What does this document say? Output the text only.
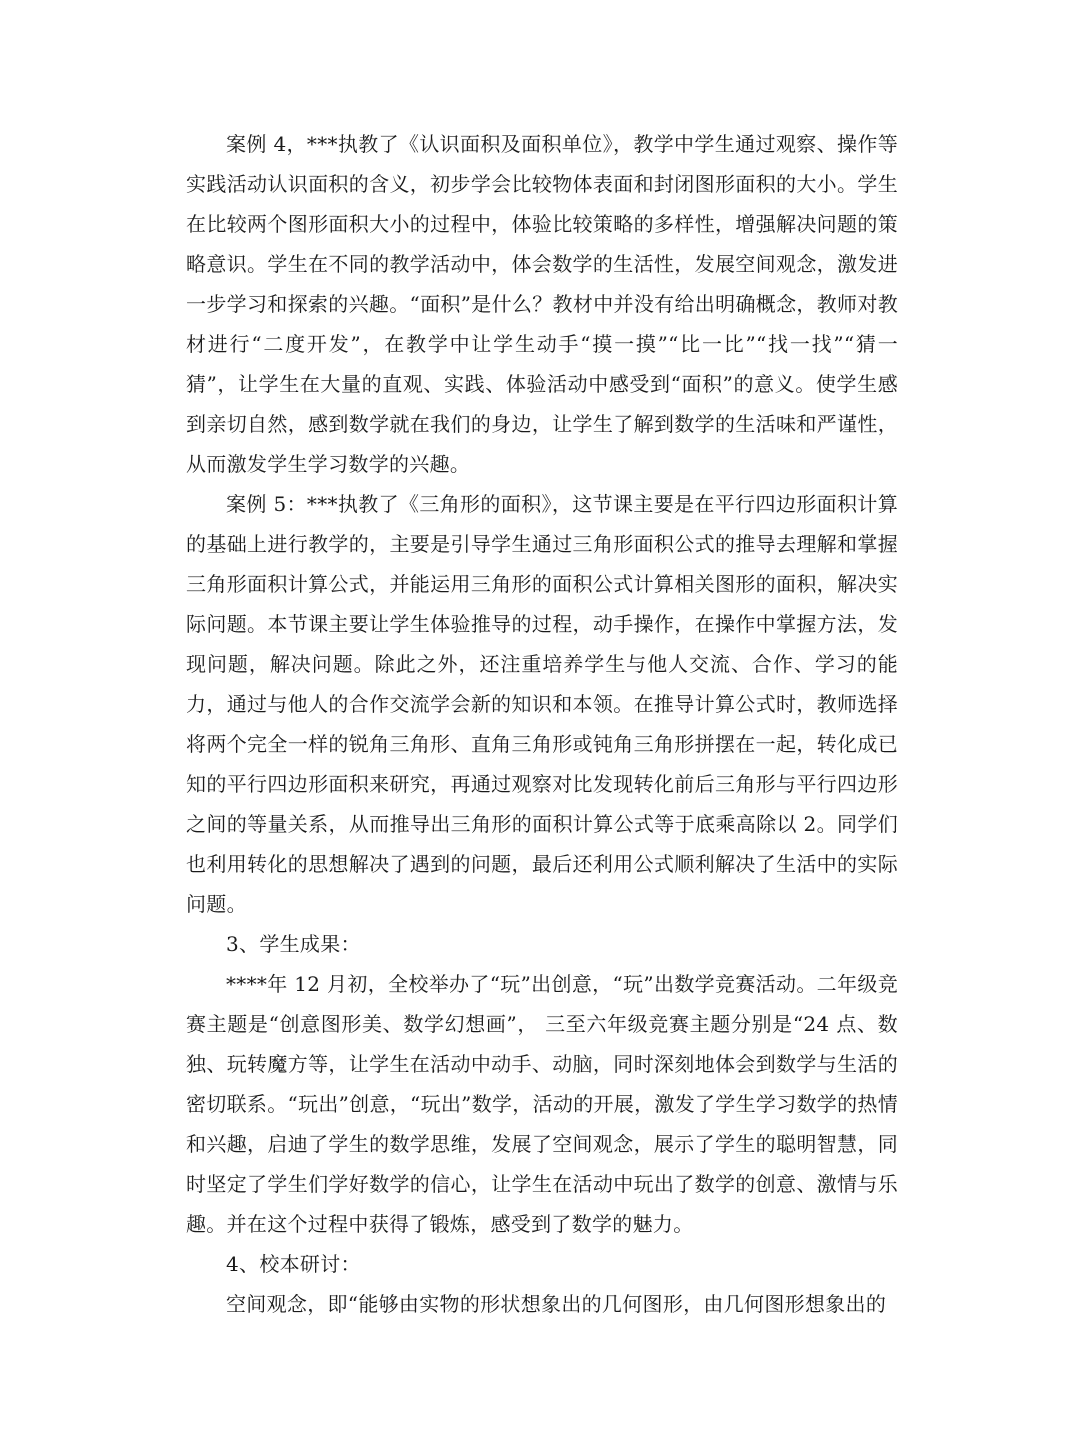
案例 4，***执教了《认识面积及面积单位》，教学中学生通过观察、操作等实践活动认识面积的含义，初步学会比较物体表面和封闭图形面积的大小。学生在比较两个图形面积大小的过程中，体验比较策略的多样性，增强解决问题的策略意识。学生在不同的教学活动中，体会数学的生活性，发展空间观念，激发进一步学习和探索的兴趣。“面积”是什么？教材中并没有给出明确概念，教师对教材进行“二度开发”，在教学中让学生动手“摸一摸”“比一比”“找一找”“猜一猜”，让学生在大量的直观、实践、体验活动中感受到“面积”的意义。使学生感到亲切自然，感到数学就在我们的身边，让学生了解到数学的生活味和严谨性，从而激发学生学习数学的兴趣。

案例 5：***执教了《三角形的面积》，这节课主要是在平行四边形面积计算的基础上进行教学的，主要是引导学生通过三角形面积公式的推导去理解和掌握三角形面积计算公式，并能运用三角形的面积公式计算相关图形的面积，解决实际问题。本节课主要让学生体验推导的过程，动手操作，在操作中掌握方法，发现问题，解决问题。除此之外，还注重培养学生与他人交流、合作、学习的能力，通过与他人的合作交流学会新的知识和本领。在推导计算公式时，教师选择将两个完全一样的锐角三角形、直角三角形或钝角三角形拼摆在一起，转化成已知的平行四边形面积来研究，再通过观察对比发现转化前后三角形与平行四边形之间的等量关系，从而推导出三角形的面积计算公式等于底乘高除以 2。同学们也利用转化的思想解决了遇到的问题，最后还利用公式顺利解决了生活中的实际问题。

3、学生成果：

****年 12 月初，全校举办了“玩”出创意，“玩”出数学竞赛活动。二年级竞赛主题是“创意图形美、数学幻想画”， 三至六年级竞赛主题分别是“24 点、数独、玩转魔方等，让学生在活动中动手、动脑，同时深刻地体会到数学与生活的密切联系。“玩出”创意，“玩出”数学，活动的开展，激发了学生学习数学的热情和兴趣，启迪了学生的数学思维，发展了空间观念，展示了学生的聪明智慧，同时坚定了学生们学好数学的信心，让学生在活动中玩出了数学的创意、激情与乐趣。并在这个过程中获得了锻炼，感受到了数学的魅力。

4、校本研讨：

空间观念，即“能够由实物的形状想象出的几何图形，由几何图形想象出的
